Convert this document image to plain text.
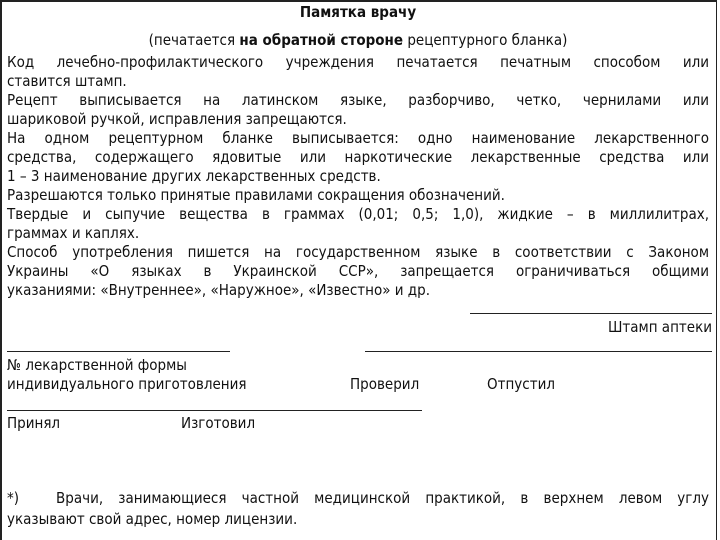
Памятка врачу
(печатается на обратной стороне рецептурного бланка)
Код лечебно-профилактического учреждения печатается печатным способом или
ставится штамп.
Рецепт выписывается на латинском языке, разборчиво, четко, чернилами или
шариковой ручкой, исправления запрещаются.
На одном рецептурном бланке выписывается: одно наименование лекарственного
средства, содержащего ядовитые или наркотические лекарственные средства или
1 – 3 наименование других лекарственных средств.
Разрешаются только принятые правилами сокращения обозначений.
Твердые и сыпучие вещества в граммах (0,01; 0,5; 1,0), жидкие – в миллилитрах,
граммах и каплях.
Способ употребления пишется на государственном языке в соответствии с Законом
Украины «О языках в Украинской ССР», запрещается ограничиваться общими
указаниями: «Внутреннее», «Наружное», «Известно» и др.
Штамп аптеки
№ лекарственной формы
индивидуального приготовления	Проверил	Отпустил
Принял	Изготовил
*) Врачи, занимающиеся частной медицинской практикой, в верхнем левом углу
указывают свой адрес, номер лицензии.
